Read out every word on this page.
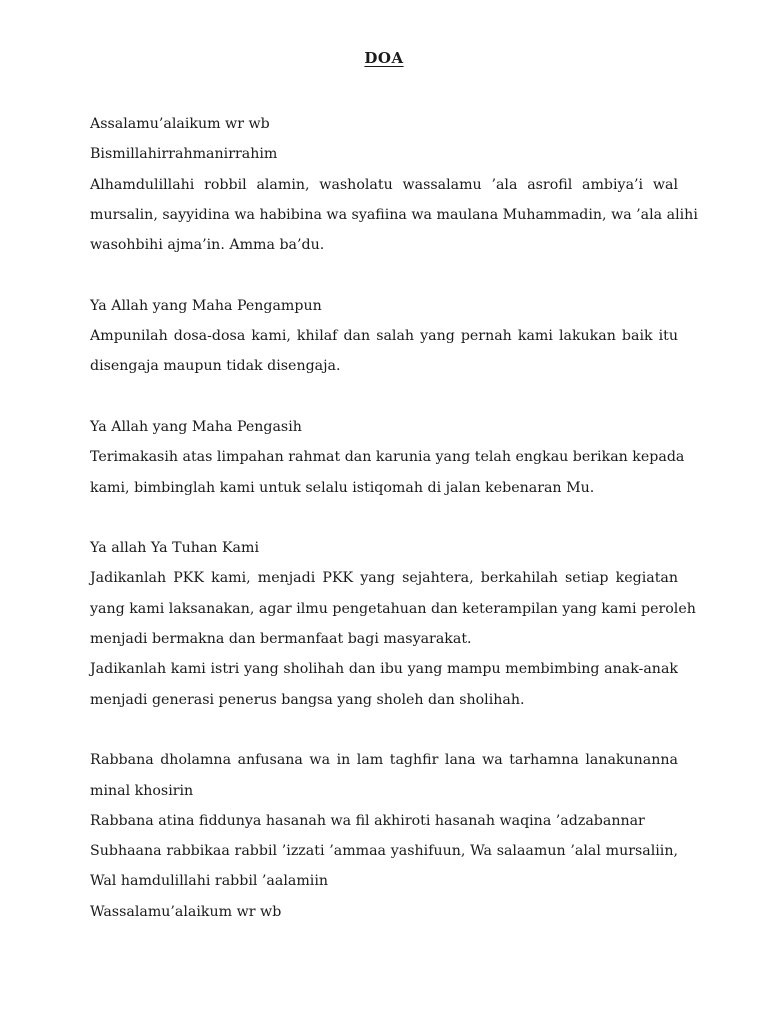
DOA
Assalamu’alaikum wr wb
Bismillahirrahmanirrahim
Alhamdulillahi robbil alamin, washolatu wassalamu ’ala asrofil ambiya’i wal
mursalin, sayyidina wa habibina wa syafiina wa maulana Muhammadin, wa ’ala alihi
wasohbihi ajma’in. Amma ba’du.
Ya Allah yang Maha Pengampun
Ampunilah dosa-dosa kami, khilaf dan salah yang pernah kami lakukan baik itu
disengaja maupun tidak disengaja.
Ya Allah yang Maha Pengasih
Terimakasih atas limpahan rahmat dan karunia yang telah engkau berikan kepada
kami, bimbinglah kami untuk selalu istiqomah di jalan kebenaran Mu.
Ya allah Ya Tuhan Kami
Jadikanlah PKK kami, menjadi PKK yang sejahtera, berkahilah setiap kegiatan
yang kami laksanakan, agar ilmu pengetahuan dan keterampilan yang kami peroleh
menjadi bermakna dan bermanfaat bagi masyarakat.
Jadikanlah kami istri yang sholihah dan ibu yang mampu membimbing anak-anak
menjadi generasi penerus bangsa yang sholeh dan sholihah.
Rabbana dholamna anfusana wa in lam taghfir lana wa tarhamna lanakunanna
minal khosirin
Rabbana atina fiddunya hasanah wa fil akhiroti hasanah waqina ’adzabannar
Subhaana rabbikaa rabbil ’izzati ’ammaa yashifuun, Wa salaamun ’alal mursaliin,
Wal hamdulillahi rabbil ’aalamiin
Wassalamu’alaikum wr wb
